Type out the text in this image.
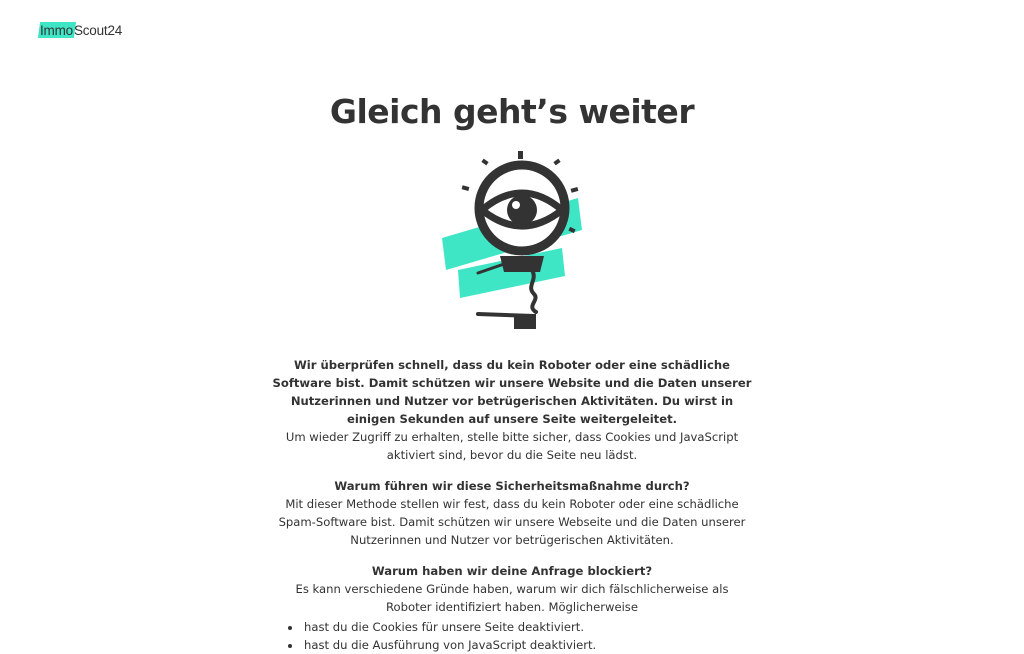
ImmoScout24
Gleich geht’s weiter

Wir überprüfen schnell, dass du kein Roboter oder eine schädliche Software bist. Damit schützen wir unsere Website und die Daten unserer Nutzerinnen und Nutzer vor betrügerischen Aktivitäten. Du wirst in einigen Sekunden auf unsere Seite weitergeleitet.

Um wieder Zugriff zu erhalten, stelle bitte sicher, dass Cookies und JavaScript aktiviert sind, bevor du die Seite neu lädst.

Warum führen wir diese Sicherheitsmaßnahme durch?

Mit dieser Methode stellen wir fest, dass du kein Roboter oder eine schädliche Spam-Software bist. Damit schützen wir unsere Webseite und die Daten unserer Nutzerinnen und Nutzer vor betrügerischen Aktivitäten.

Warum haben wir deine Anfrage blockiert?

Es kann verschiedene Gründe haben, warum wir dich fälschlicherweise als Roboter identifiziert haben. Möglicherweise

• hast du die Cookies für unsere Seite deaktiviert.
• hast du die Ausführung von JavaScript deaktiviert.
